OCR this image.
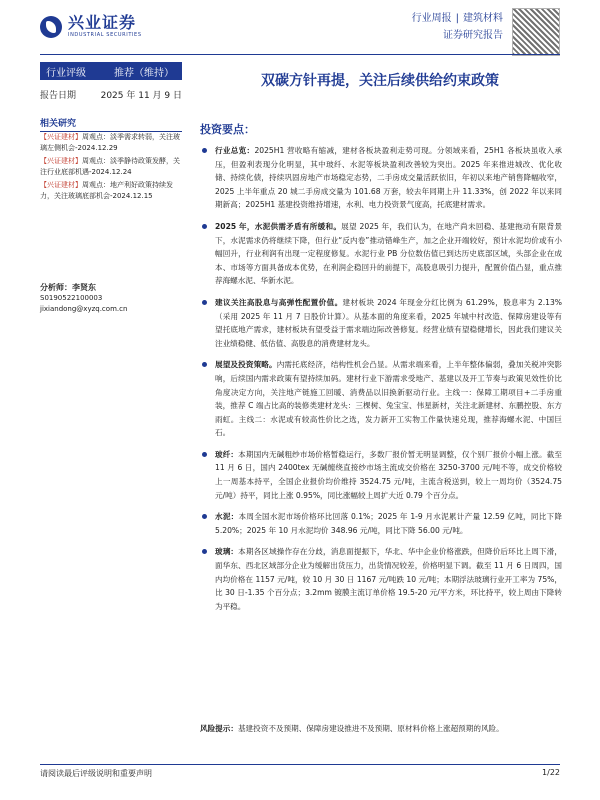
兴业证券
INDUSTRIAL SECURITIES
行业周报 | 建筑材料
证券研究报告
行业评级	推荐（维持）
报告日期	2025 年 11 月 9 日
相关研究
【兴证建材】周观点：淡季需求转弱，关注玻璃左侧机会-2024.12.29
【兴证建材】周观点：淡季静待政策发酵，关注行业底部机遇-2024.12.24
【兴证建材】周观点：地产利好政策持续发力，关注玻璃底部机会-2024.12.15
分析师：李贤东
S0190522100003
jixiandong@xyzq.com.cn
双碳方针再提，关注后续供给约束政策
投资要点：
行业总览：2025H1 营收略有缩减，建材各板块盈利走势可现。分领域来看，25H1 各板块虽收入承压，但盈利表现分化明显，其中玻纤、水泥等板块盈利改善较为突出。2025 年来推进城改、优化收储、持续化债，持续巩固房地产市场稳定态势，二手房成交量活跃依旧，年初以来地产销售降幅收窄，2025 上半年重点 20 城二手房成交量为 101.68 万套，较去年同期上升 11.33%，创 2022 年以来同期新高；2025H1 基建投资维持增速，水利、电力投资景气度高，托底建材需求。
2025 年，水泥供需矛盾有所缓和。展望 2025 年，我们认为，在地产尚未回稳、基建拖动有限背景下，水泥需求仍将继续下降，但行业“反内卷”推动错峰生产，加之企业开端较好，预计水泥均价或有小幅回升，行业利润有出现一定程度修复。水泥行业 PB 分位数估值已到达历史底部区域，头部企业在成本、市场等方面具备成本优势，在利润企稳回升的前提下，高股息吸引力提升，配置价值凸显，重点推荐海螺水泥、华新水泥。
建议关注高股息与高弹性配置价值。建材板块 2024 年现金分红比例为 61.29%，股息率为 2.13%（采用 2025 年 11 月 7 日股价计算）。从基本面的角度来看，2025 年城中村改造、保障房建设等有望托底地产需求，建材板块有望受益于需求端边际改善修复。经营业绩有望稳健增长，因此我们建议关注业绩稳健、低估值、高股息的消费建材龙头。
展望及投资策略。内需托底经济，结构性机会凸显。从需求端来看，上半年整体偏弱，叠加关税冲突影响，后续国内需求政策有望持续加码。建材行业下游需求受地产、基建以及开工节奏与政策见效性价比角度决定方向，关注地产链施工回暖、消费品以旧换新驱动行业。主线一：保障工期项目+二手房重装，推荐 C 端占比高的装修类建材龙头：三棵树、兔宝宝、伟星新材，关注北新建材、东鹏控股、东方雨虹。主线二：水泥或有较高性价比之选，发力新开工实物工作量快速兑现，推荐海螺水泥、中国巨石。
玻纤：本期国内无碱粗纱市场价格暂稳运行，多数厂报价暂无明显调整，仅个别厂报价小幅上涨。截至 11 月 6 日，国内 2400tex 无碱缠绕直接纱市场主流成交价格在 3250-3700 元/吨不等，成交价格较上一周基本持平，全国企业报价均价维持 3524.75 元/吨，主流含税送到，较上一周均价（3524.75 元/吨）持平，同比上涨 0.95%，同比涨幅较上周扩大近 0.79 个百分点。
水泥：本周全国水泥市场价格环比回落 0.1%；2025 年 1-9 月水泥累计产量 12.59 亿吨，同比下降 5.20%；2025 年 10 月水泥均价 348.96 元/吨，同比下降 56.00 元/吨。
玻璃：本期各区域操作存在分歧，消息面提振下，华北、华中企业价格涨跌，但降价后环比上周下滑，面华东、西北区域部分企业为缓解出货压力，出货情况较差，价格明显下调。截至 11 月 6 日周四，国内均价格在 1157 元/吨，较 10 月 30 日 1167 元/吨跌 10 元/吨；本期浮法玻璃行业开工率为 75%，比 30 日-1.35 个百分点；3.2mm 镀膜主流订单价格 19.5-20 元/平方米，环比持平，较上周由下降转为平稳。
风险提示：基建投资不及预期、保障房建设推进不及预期、原材料价格上涨超预期的风险。
请阅读最后评级说明和重要声明	1/22
